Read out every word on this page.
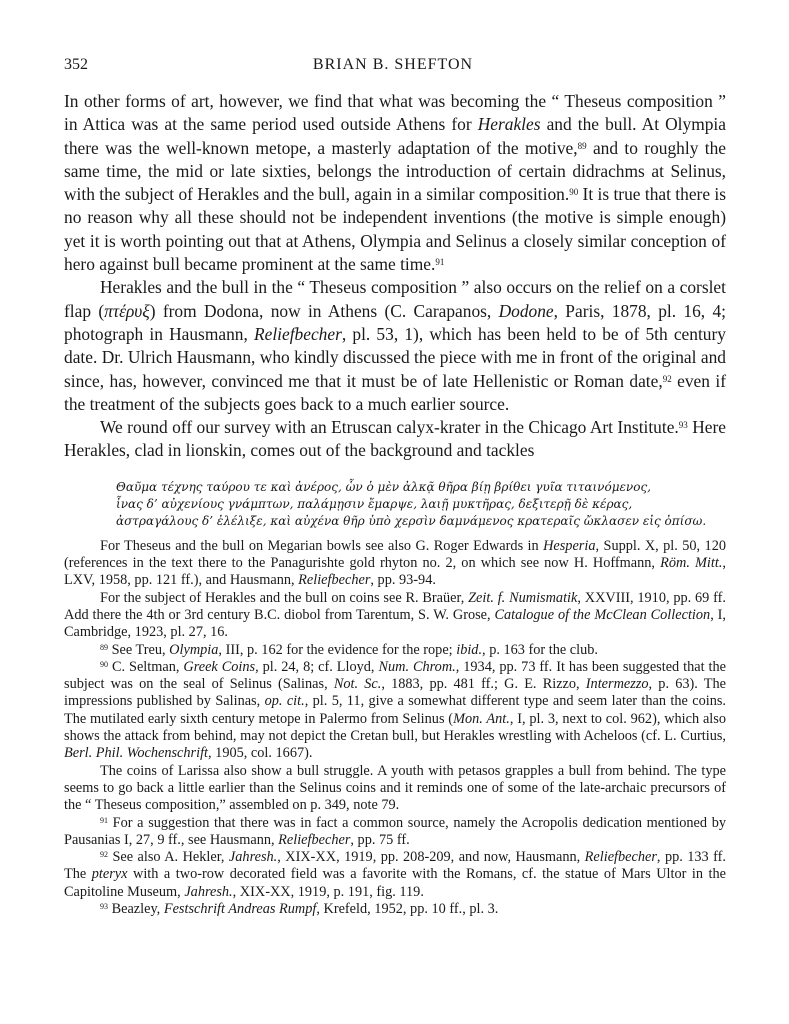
352	BRIAN B. SHEFTON

In other forms of art, however, we find that what was becoming the “ Theseus composition ” in Attica was at the same period used outside Athens for Herakles and the bull. At Olympia there was the well-known metope, a masterly adaptation of the motive,$^{89}$ and to roughly the same time, the mid or late sixties, belongs the introduction of certain didrachms at Selinus, with the subject of Herakles and the bull, again in a similar composition.$^{90}$ It is true that there is no reason why all these should not be independent inventions (the motive is simple enough) yet it is worth pointing out that at Athens, Olympia and Selinus a closely similar conception of hero against bull became prominent at the same time.$^{91}$

Herakles and the bull in the “ Theseus composition ” also occurs on the relief on a corslet flap (πτέρυξ) from Dodona, now in Athens (C. Carapanos, Dodone, Paris, 1878, pl. 16, 4; photograph in Hausmann, Reliefbecher, pl. 53, 1), which has been held to be of 5th century date. Dr. Ulrich Hausmann, who kindly discussed the piece with me in front of the original and since, has, however, convinced me that it must be of late Hellenistic or Roman date,$^{92}$ even if the treatment of the subjects goes back to a much earlier source.

We round off our survey with an Etruscan calyx-krater in the Chicago Art Institute.$^{93}$ Here Herakles, clad in lionskin, comes out of the background and tackles

Θαῦμα τέχνης ταύρου τε καὶ ἀνέρος, ὧν ὁ μὲν ἀλκᾷ θῆρα βίῃ βρίθει γυῖα τιταινόμενος,
ἶνας δ’ αὐχενίους γνάμπτων, παλάμῃσιν ἔμαρψε, λαιῇ μυκτῆρας, δεξιτερῇ δὲ κέρας,
ἀστραγάλους δ’ ἐλέλιξε, καὶ αὐχένα θῆρ ὑπὸ χερσὶν δαμνάμενος κρατεραῖς ὤκλασεν εἰς ὀπίσω.

For Theseus and the bull on Megarian bowls see also G. Roger Edwards in Hesperia, Suppl. X, pl. 50, 120 (references in the text there to the Panagurishte gold rhyton no. 2, on which see now H. Hoffmann, Röm. Mitt., LXV, 1958, pp. 121 ff.), and Hausmann, Reliefbecher, pp. 93-94.

For the subject of Herakles and the bull on coins see R. Braüer, Zeit. f. Numismatik, XXVIII, 1910, pp. 69 ff. Add there the 4th or 3rd century B.C. diobol from Tarentum, S. W. Grose, Catalogue of the McClean Collection, I, Cambridge, 1923, pl. 27, 16.

$^{89}$ See Treu, Olympia, III, p. 162 for the evidence for the rope; ibid., p. 163 for the club.

$^{90}$ C. Seltman, Greek Coins, pl. 24, 8; cf. Lloyd, Num. Chrom., 1934, pp. 73 ff. It has been suggested that the subject was on the seal of Selinus (Salinas, Not. Sc., 1883, pp. 481 ff.; G. E. Rizzo, Intermezzo, p. 63). The impressions published by Salinas, op. cit., pl. 5, 11, give a somewhat different type and seem later than the coins. The mutilated early sixth century metope in Palermo from Selinus (Mon. Ant., I, pl. 3, next to col. 962), which also shows the attack from behind, may not depict the Cretan bull, but Herakles wrestling with Acheloos (cf. L. Curtius, Berl. Phil. Wochenschrift, 1905, col. 1667).

The coins of Larissa also show a bull struggle. A youth with petasos grapples a bull from behind. The type seems to go back a little earlier than the Selinus coins and it reminds one of some of the late-archaic precursors of the “ Theseus composition,” assembled on p. 349, note 79.

$^{91}$ For a suggestion that there was in fact a common source, namely the Acropolis dedication mentioned by Pausanias I, 27, 9 ff., see Hausmann, Reliefbecher, pp. 75 ff.

$^{92}$ See also A. Hekler, Jahresh., XIX-XX, 1919, pp. 208-209, and now, Hausmann, Reliefbecher, pp. 133 ff. The pteryx with a two-row decorated field was a favorite with the Romans, cf. the statue of Mars Ultor in the Capitoline Museum, Jahresh., XIX-XX, 1919, p. 191, fig. 119.

$^{93}$ Beazley, Festschrift Andreas Rumpf, Krefeld, 1952, pp. 10 ff., pl. 3.
